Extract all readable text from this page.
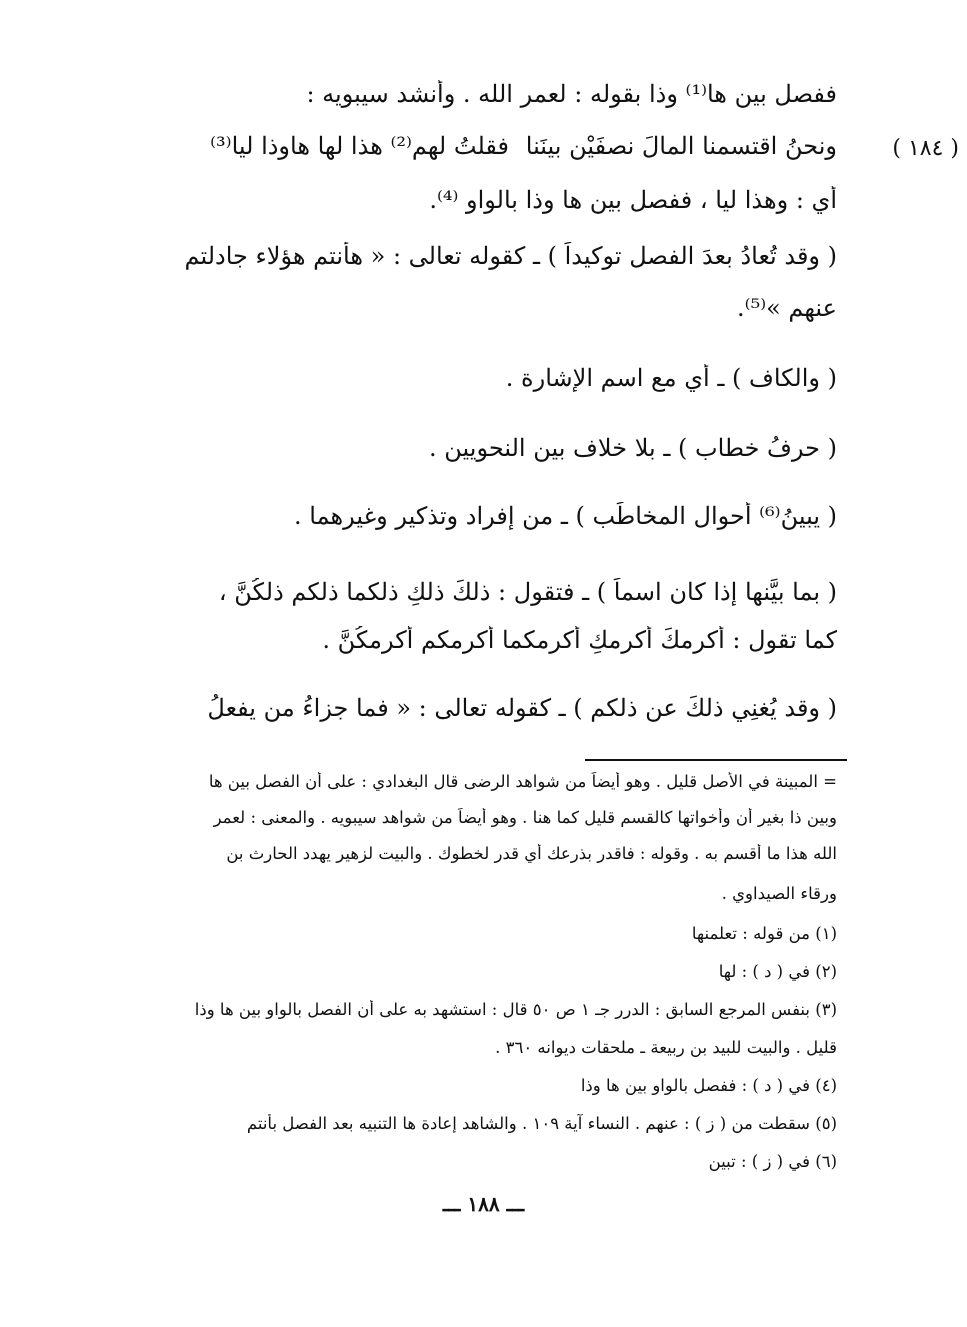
( ١٨٤ )
ففصل بين ها⁽¹⁾ وذا بقوله : لعمر الله . وأنشد سيبويه :
ونحنُ اقتسمنا المالَ نصفَيْن بينَنا
فقلتُ لهم⁽²⁾ هذا لها هاوذا ليا⁽³⁾
أي : وهذا ليا ، ففصل بين ها وذا بالواو ⁽⁴⁾.
( وقد تُعادُ بعدَ الفصلِ توكيداً ) ـ كقوله تعالى : « هأنتم هؤلاء جادلتم
عنهم »⁽⁵⁾.
( والكاف ) ـ أي مع اسم الإشارة .
( حرفُ خطاب ) ـ بلا خلاف بين النحويين .
( يبينُ⁽⁶⁾ أحوال المخاطَب ) ـ من إفراد وتذكير وغيرهما .
( بما بيَّنها إذا كان اسماً ) ـ فتقول : ذلكَ ذلكِ ذلكما ذلكم ذلكُنَّ ،
كما تقول : أكرمكَ أكرمكِ أكرمكما أكرمكم أكرمكُنَّ .
( وقد يُغنِي ذلكَ عن ذلكم ) ـ كقوله تعالى : « فما جزاءُ من يفعلُ
= المبينة في الأصل قليل . وهو أيضاً من شواهد الرضى قال البغدادي : على أن الفصل بين ها
وبين ذا بغير أن وأخواتها كالقسم قليل كما هنا . وهو أيضاً من شواهد سيبويه . والمعنى : لعمر
الله هذا ما أقسم به . وقوله : فاقدر بذرعك أي قدر لخطوك . والبيت لزهير يهدد الحارث بن
ورقاء الصيداوي .
(١) من قوله : تعلمنها
(٢) في ( د ) : لها
(٣) بنفس المرجع السابق : الدرر جـ ١ ص ٥٠ قال : استشهد به على أن الفصل بالواو بين ها وذا
قليل . والبيت للبيد بن ربيعة ـ ملحقات ديوانه ٣٦٠ .
(٤) في ( د ) : ففصل بالواو بين ها وذا
(٥) سقطت من ( ز ) : عنهم . النساء آية ١٠٩ . والشاهد إعادة ها التنبيه بعد الفصل بأنتم
(٦) في ( ز ) : تبين
ـــ ١٨٨ ـــ
